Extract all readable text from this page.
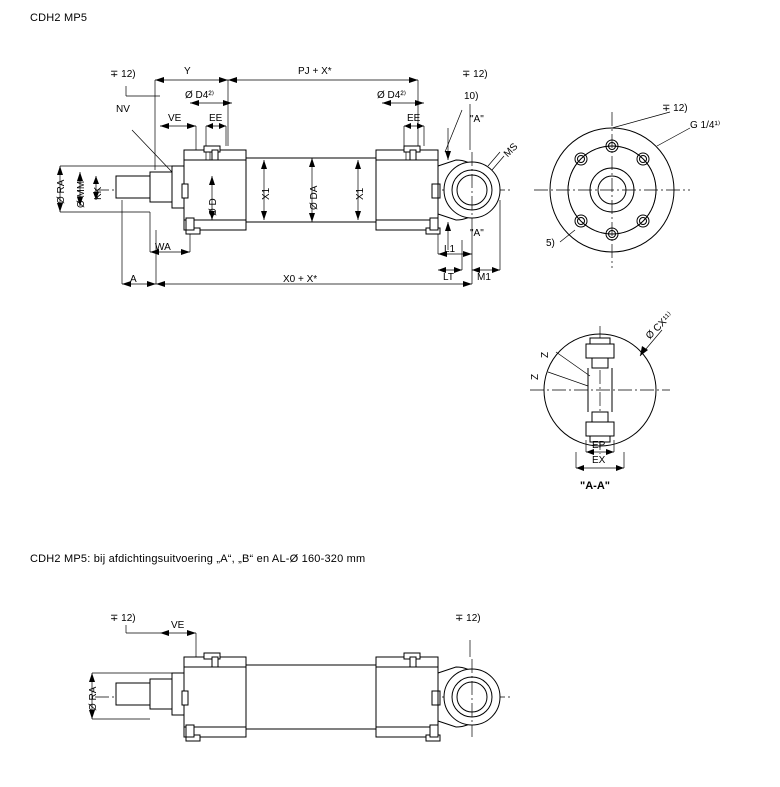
CDH2 MP5
CDH2 MP5: bij afdichtingsuitvoering „A“, „B“ en AL-Ø 160-320 mm
∓ 12)
NV
Y	PJ + X*	∓ 12)
Ø D4²⁾	Ø D4²⁾
VE	EE	EE
10)
"A"
"A"
MS
Ø RA Ø MM KK
Ø D
X1	X1
Ø DA
WA
A	X0 + X*
L1
LT M1
∓ 12)
G 1/4¹⁾
5)
Ø CX¹¹⁾
Z
Z
EP
EX
"A-A"
∓ 12)
VE
∓ 12)
Ø RA
